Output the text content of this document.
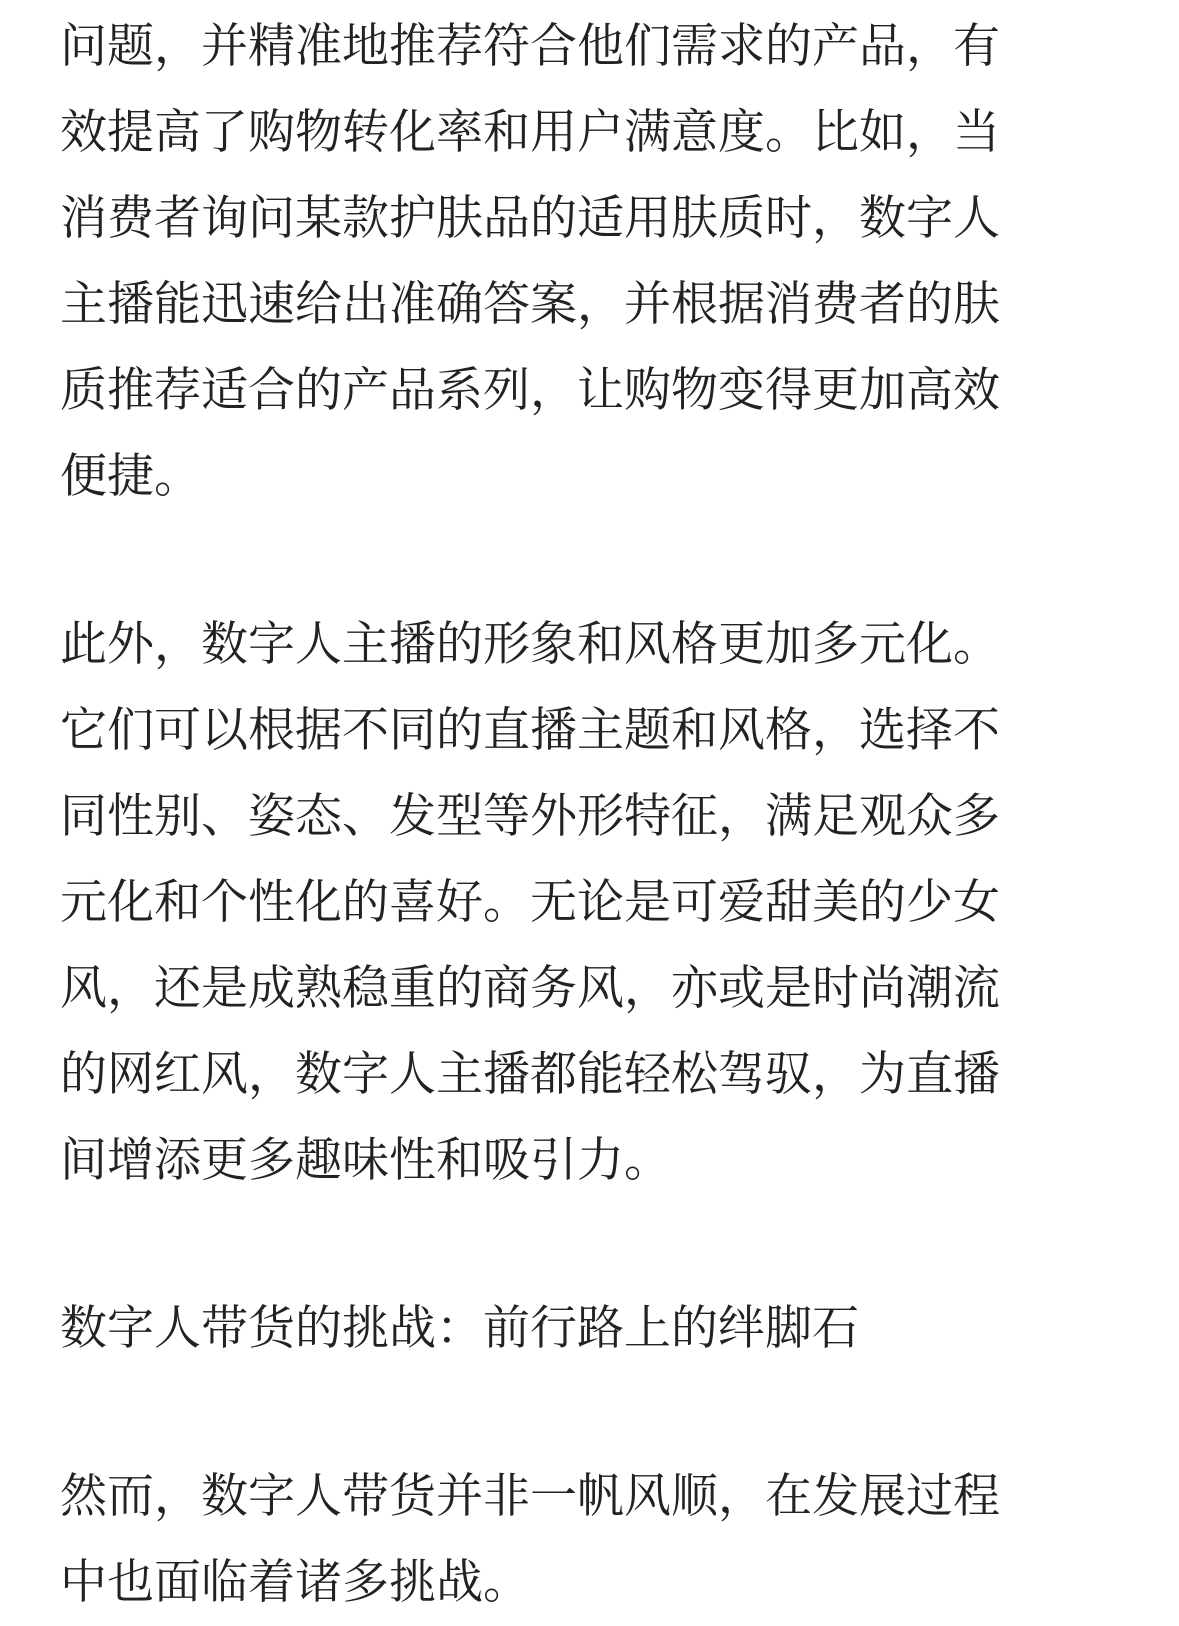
问题，并精准地推荐符合他们需求的产品，有
效提高了购物转化率和用户满意度。比如，当
消费者询问某款护肤品的适用肤质时，数字人
主播能迅速给出准确答案，并根据消费者的肤
质推荐适合的产品系列，让购物变得更加高效
便捷。

此外，数字人主播的形象和风格更加多元化。
它们可以根据不同的直播主题和风格，选择不
同性别、姿态、发型等外形特征，满足观众多
元化和个性化的喜好。无论是可爱甜美的少女
风，还是成熟稳重的商务风，亦或是时尚潮流
的网红风，数字人主播都能轻松驾驭，为直播
间增添更多趣味性和吸引力。

数字人带货的挑战：前行路上的绊脚石

然而，数字人带货并非一帆风顺，在发展过程
中也面临着诸多挑战。
